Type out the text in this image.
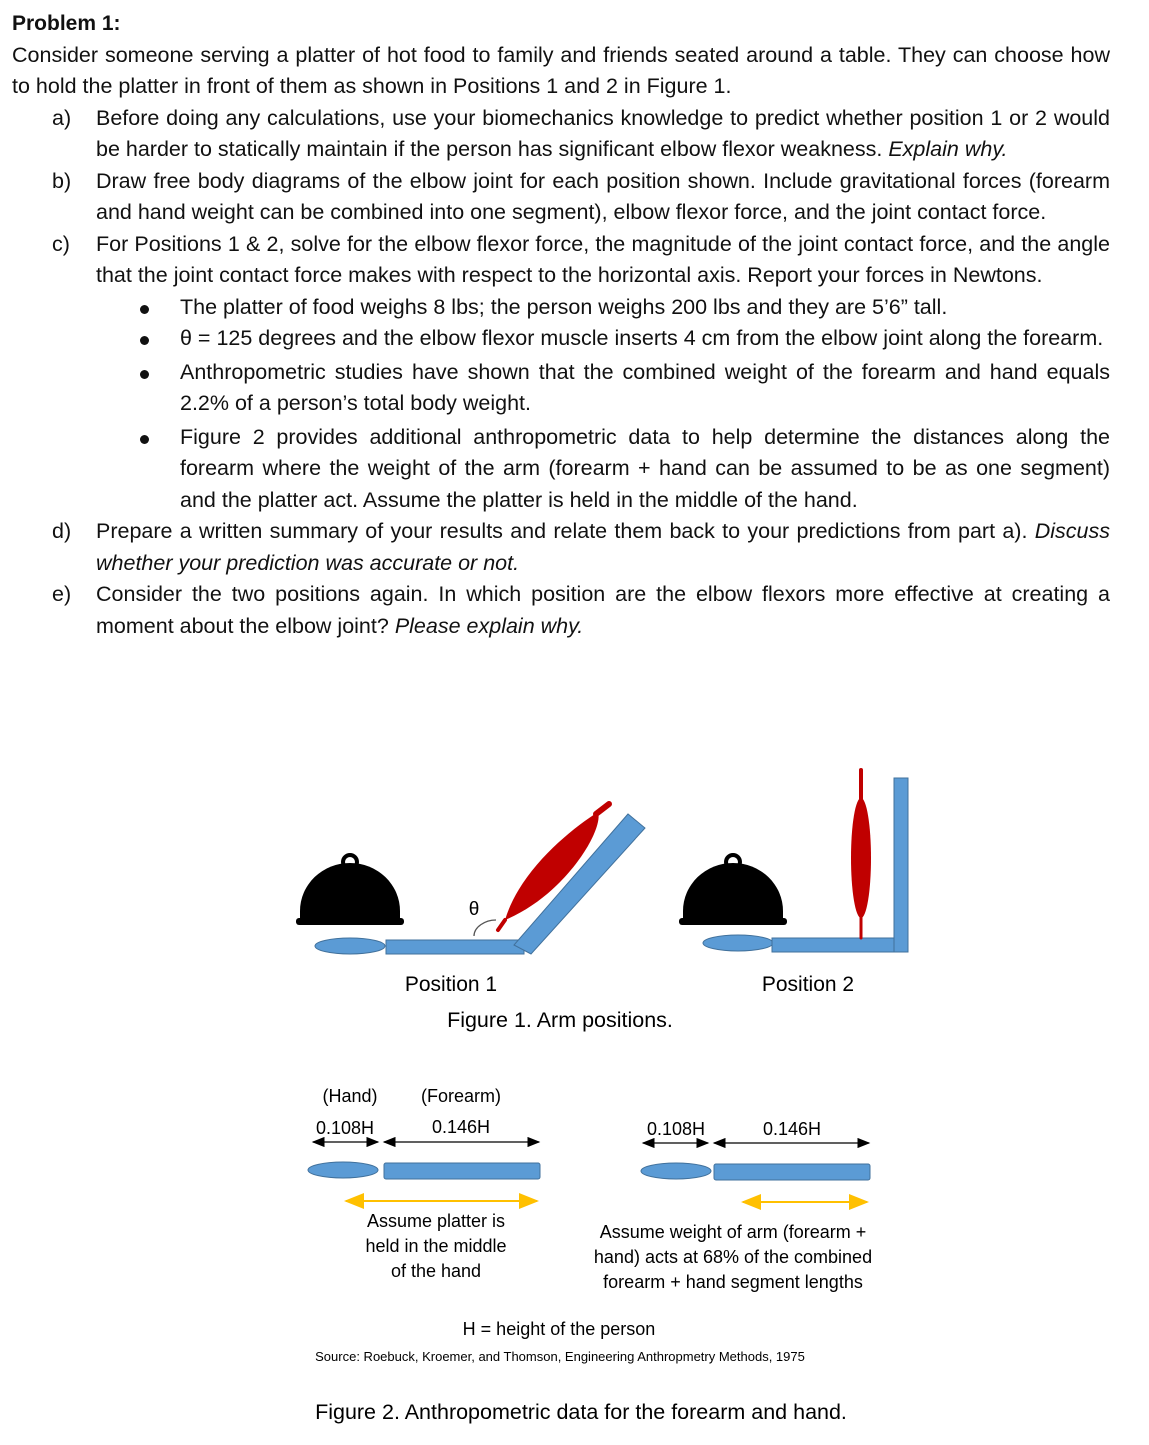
Problem 1:
Consider someone serving a platter of hot food to family and friends seated around a table. They can choose how to hold the platter in front of them as shown in Positions 1 and 2 in Figure 1.
a) Before doing any calculations, use your biomechanics knowledge to predict whether position 1 or 2 would be harder to statically maintain if the person has significant elbow flexor weakness. Explain why.
b) Draw free body diagrams of the elbow joint for each position shown. Include gravitational forces (forearm and hand weight can be combined into one segment), elbow flexor force, and the joint contact force.
c) For Positions 1 & 2, solve for the elbow flexor force, the magnitude of the joint contact force, and the angle that the joint contact force makes with respect to the horizontal axis. Report your forces in Newtons.
The platter of food weighs 8 lbs; the person weighs 200 lbs and they are 5’6” tall.
θ = 125 degrees and the elbow flexor muscle inserts 4 cm from the elbow joint along the forearm.
Anthropometric studies have shown that the combined weight of the forearm and hand equals 2.2% of a person’s total body weight.
Figure 2 provides additional anthropometric data to help determine the distances along the forearm where the weight of the arm (forearm + hand can be assumed to be as one segment) and the platter act. Assume the platter is held in the middle of the hand.
d) Prepare a written summary of your results and relate them back to your predictions from part a). Discuss whether your prediction was accurate or not.
e) Consider the two positions again. In which position are the elbow flexors more effective at creating a moment about the elbow joint? Please explain why.
θ
Position 1	Position 2
Figure 1. Arm positions.
(Hand) (Forearm)
0.108H	0.146H
Assume platter is
held in the middle
of the hand
0.108H	0.146H
Assume weight of arm (forearm +
hand) acts at 68% of the combined
forearm + hand segment lengths
H = height of the person
Source: Roebuck, Kroemer, and Thomson, Engineering Anthropmetry Methods, 1975
Figure 2. Anthropometric data for the forearm and hand.
